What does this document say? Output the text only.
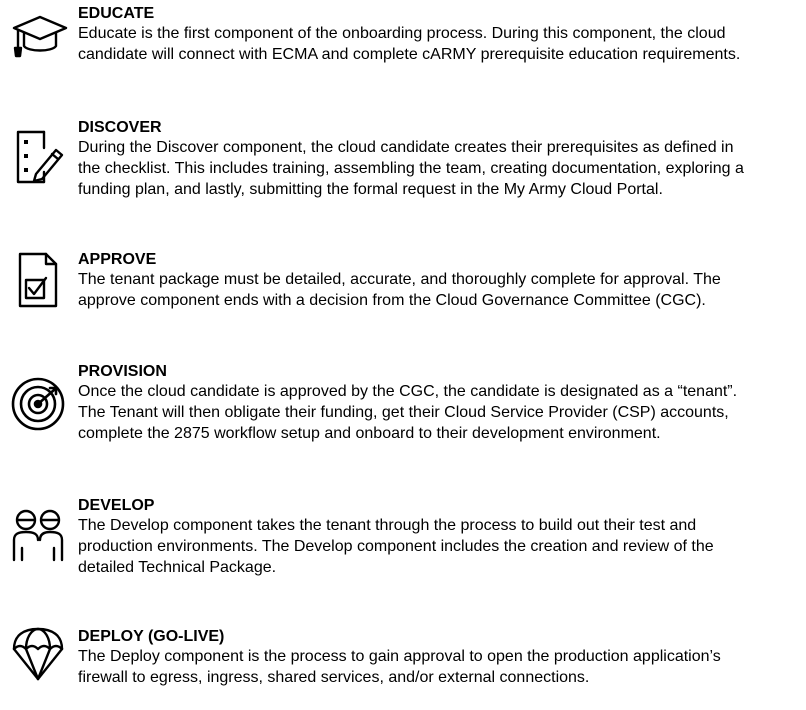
EDUCATE

Educate is the first component of the onboarding process. During this component, the cloud
candidate will connect with ECMA and complete cARMY prerequisite education requirements.

DISCOVER

During the Discover component, the cloud candidate creates their prerequisites as defined in
the checklist. This includes training, assembling the team, creating documentation, exploring a
funding plan, and lastly, submitting the formal request in the My Army Cloud Portal.

APPROVE

The tenant package must be detailed, accurate, and thoroughly complete for approval. The
approve component ends with a decision from the Cloud Governance Committee (CGC).

PROVISION

Once the cloud candidate is approved by the CGC, the candidate is designated as a “tenant”.
The Tenant will then obligate their funding, get their Cloud Service Provider (CSP) accounts,
complete the 2875 workflow setup and onboard to their development environment.

DEVELOP

The Develop component takes the tenant through the process to build out their test and
production environments. The Develop component includes the creation and review of the
detailed Technical Package.

DEPLOY (GO-LIVE)

The Deploy component is the process to gain approval to open the production application’s
firewall to egress, ingress, shared services, and/or external connections.
